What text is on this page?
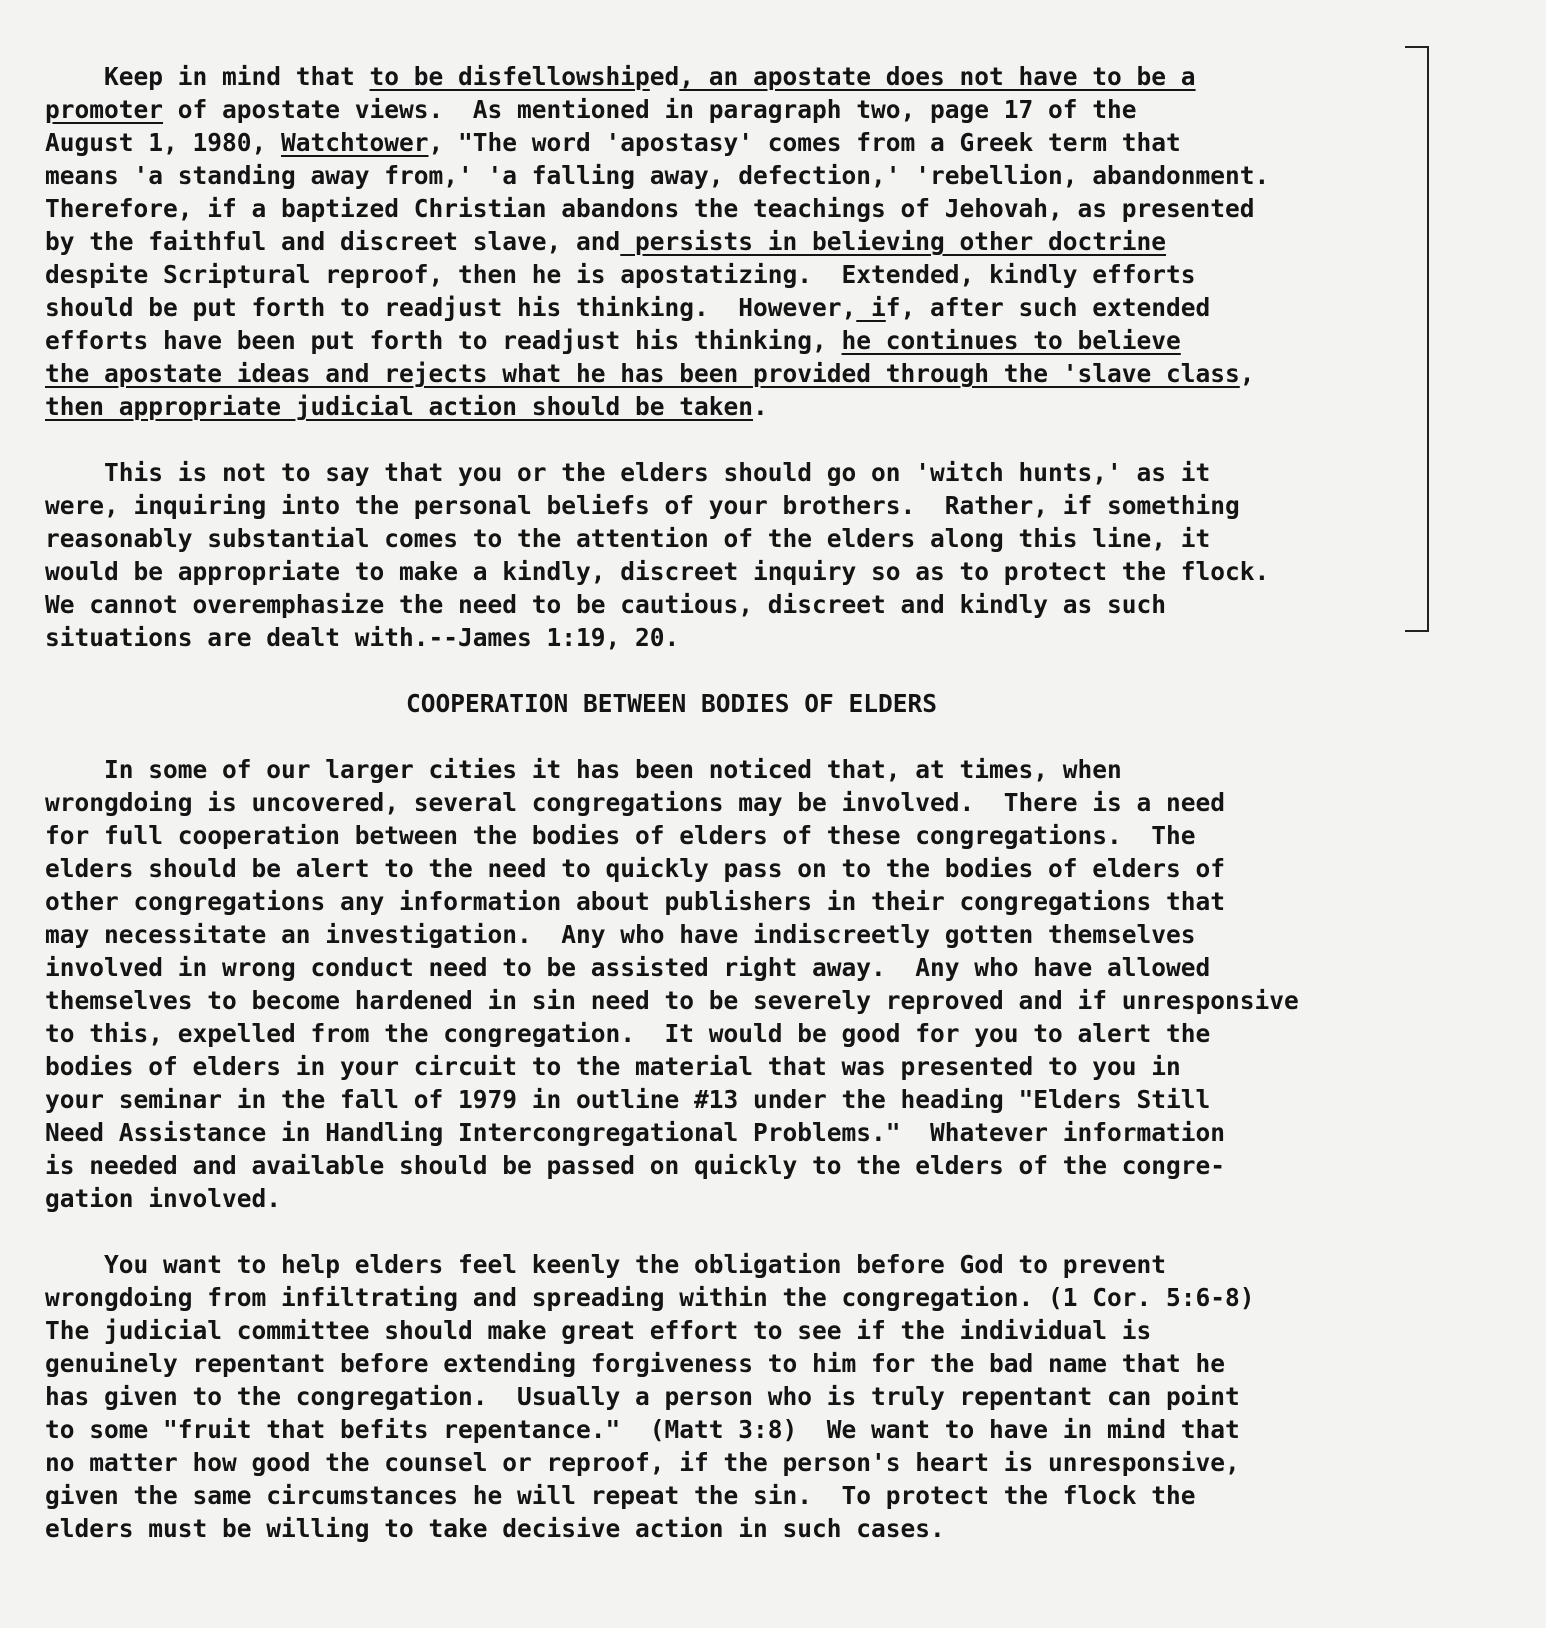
Keep in mind that to be disfellowshiped, an apostate does not have to be a
promoter of apostate views.  As mentioned in paragraph two, page 17 of the
August 1, 1980, Watchtower, "The word 'apostasy' comes from a Greek term that
means 'a standing away from,' 'a falling away, defection,' 'rebellion, abandonment.
Therefore, if a baptized Christian abandons the teachings of Jehovah, as presented
by the faithful and discreet slave, and persists in believing other doctrine
despite Scriptural reproof, then he is apostatizing.  Extended, kindly efforts
should be put forth to readjust his thinking.  However, if, after such extended
efforts have been put forth to readjust his thinking, he continues to believe
the apostate ideas and rejects what he has been provided through the 'slave class,
then appropriate judicial action should be taken.
This is not to say that you or the elders should go on 'witch hunts,' as it
were, inquiring into the personal beliefs of your brothers.  Rather, if something
reasonably substantial comes to the attention of the elders along this line, it
would be appropriate to make a kindly, discreet inquiry so as to protect the flock.
We cannot overemphasize the need to be cautious, discreet and kindly as such
situations are dealt with.--James 1:19, 20.
COOPERATION BETWEEN BODIES OF ELDERS
In some of our larger cities it has been noticed that, at times, when
wrongdoing is uncovered, several congregations may be involved.  There is a need
for full cooperation between the bodies of elders of these congregations.  The
elders should be alert to the need to quickly pass on to the bodies of elders of
other congregations any information about publishers in their congregations that
may necessitate an investigation.  Any who have indiscreetly gotten themselves
involved in wrong conduct need to be assisted right away.  Any who have allowed
themselves to become hardened in sin need to be severely reproved and if unresponsive
to this, expelled from the congregation.  It would be good for you to alert the
bodies of elders in your circuit to the material that was presented to you in
your seminar in the fall of 1979 in outline #13 under the heading "Elders Still
Need Assistance in Handling Intercongregational Problems."  Whatever information
is needed and available should be passed on quickly to the elders of the congre-
gation involved.
You want to help elders feel keenly the obligation before God to prevent
wrongdoing from infiltrating and spreading within the congregation. (1 Cor. 5:6-8)
The judicial committee should make great effort to see if the individual is
genuinely repentant before extending forgiveness to him for the bad name that he
has given to the congregation.  Usually a person who is truly repentant can point
to some "fruit that befits repentance."  (Matt 3:8)  We want to have in mind that
no matter how good the counsel or reproof, if the person's heart is unresponsive,
given the same circumstances he will repeat the sin.  To protect the flock the
elders must be willing to take decisive action in such cases.
